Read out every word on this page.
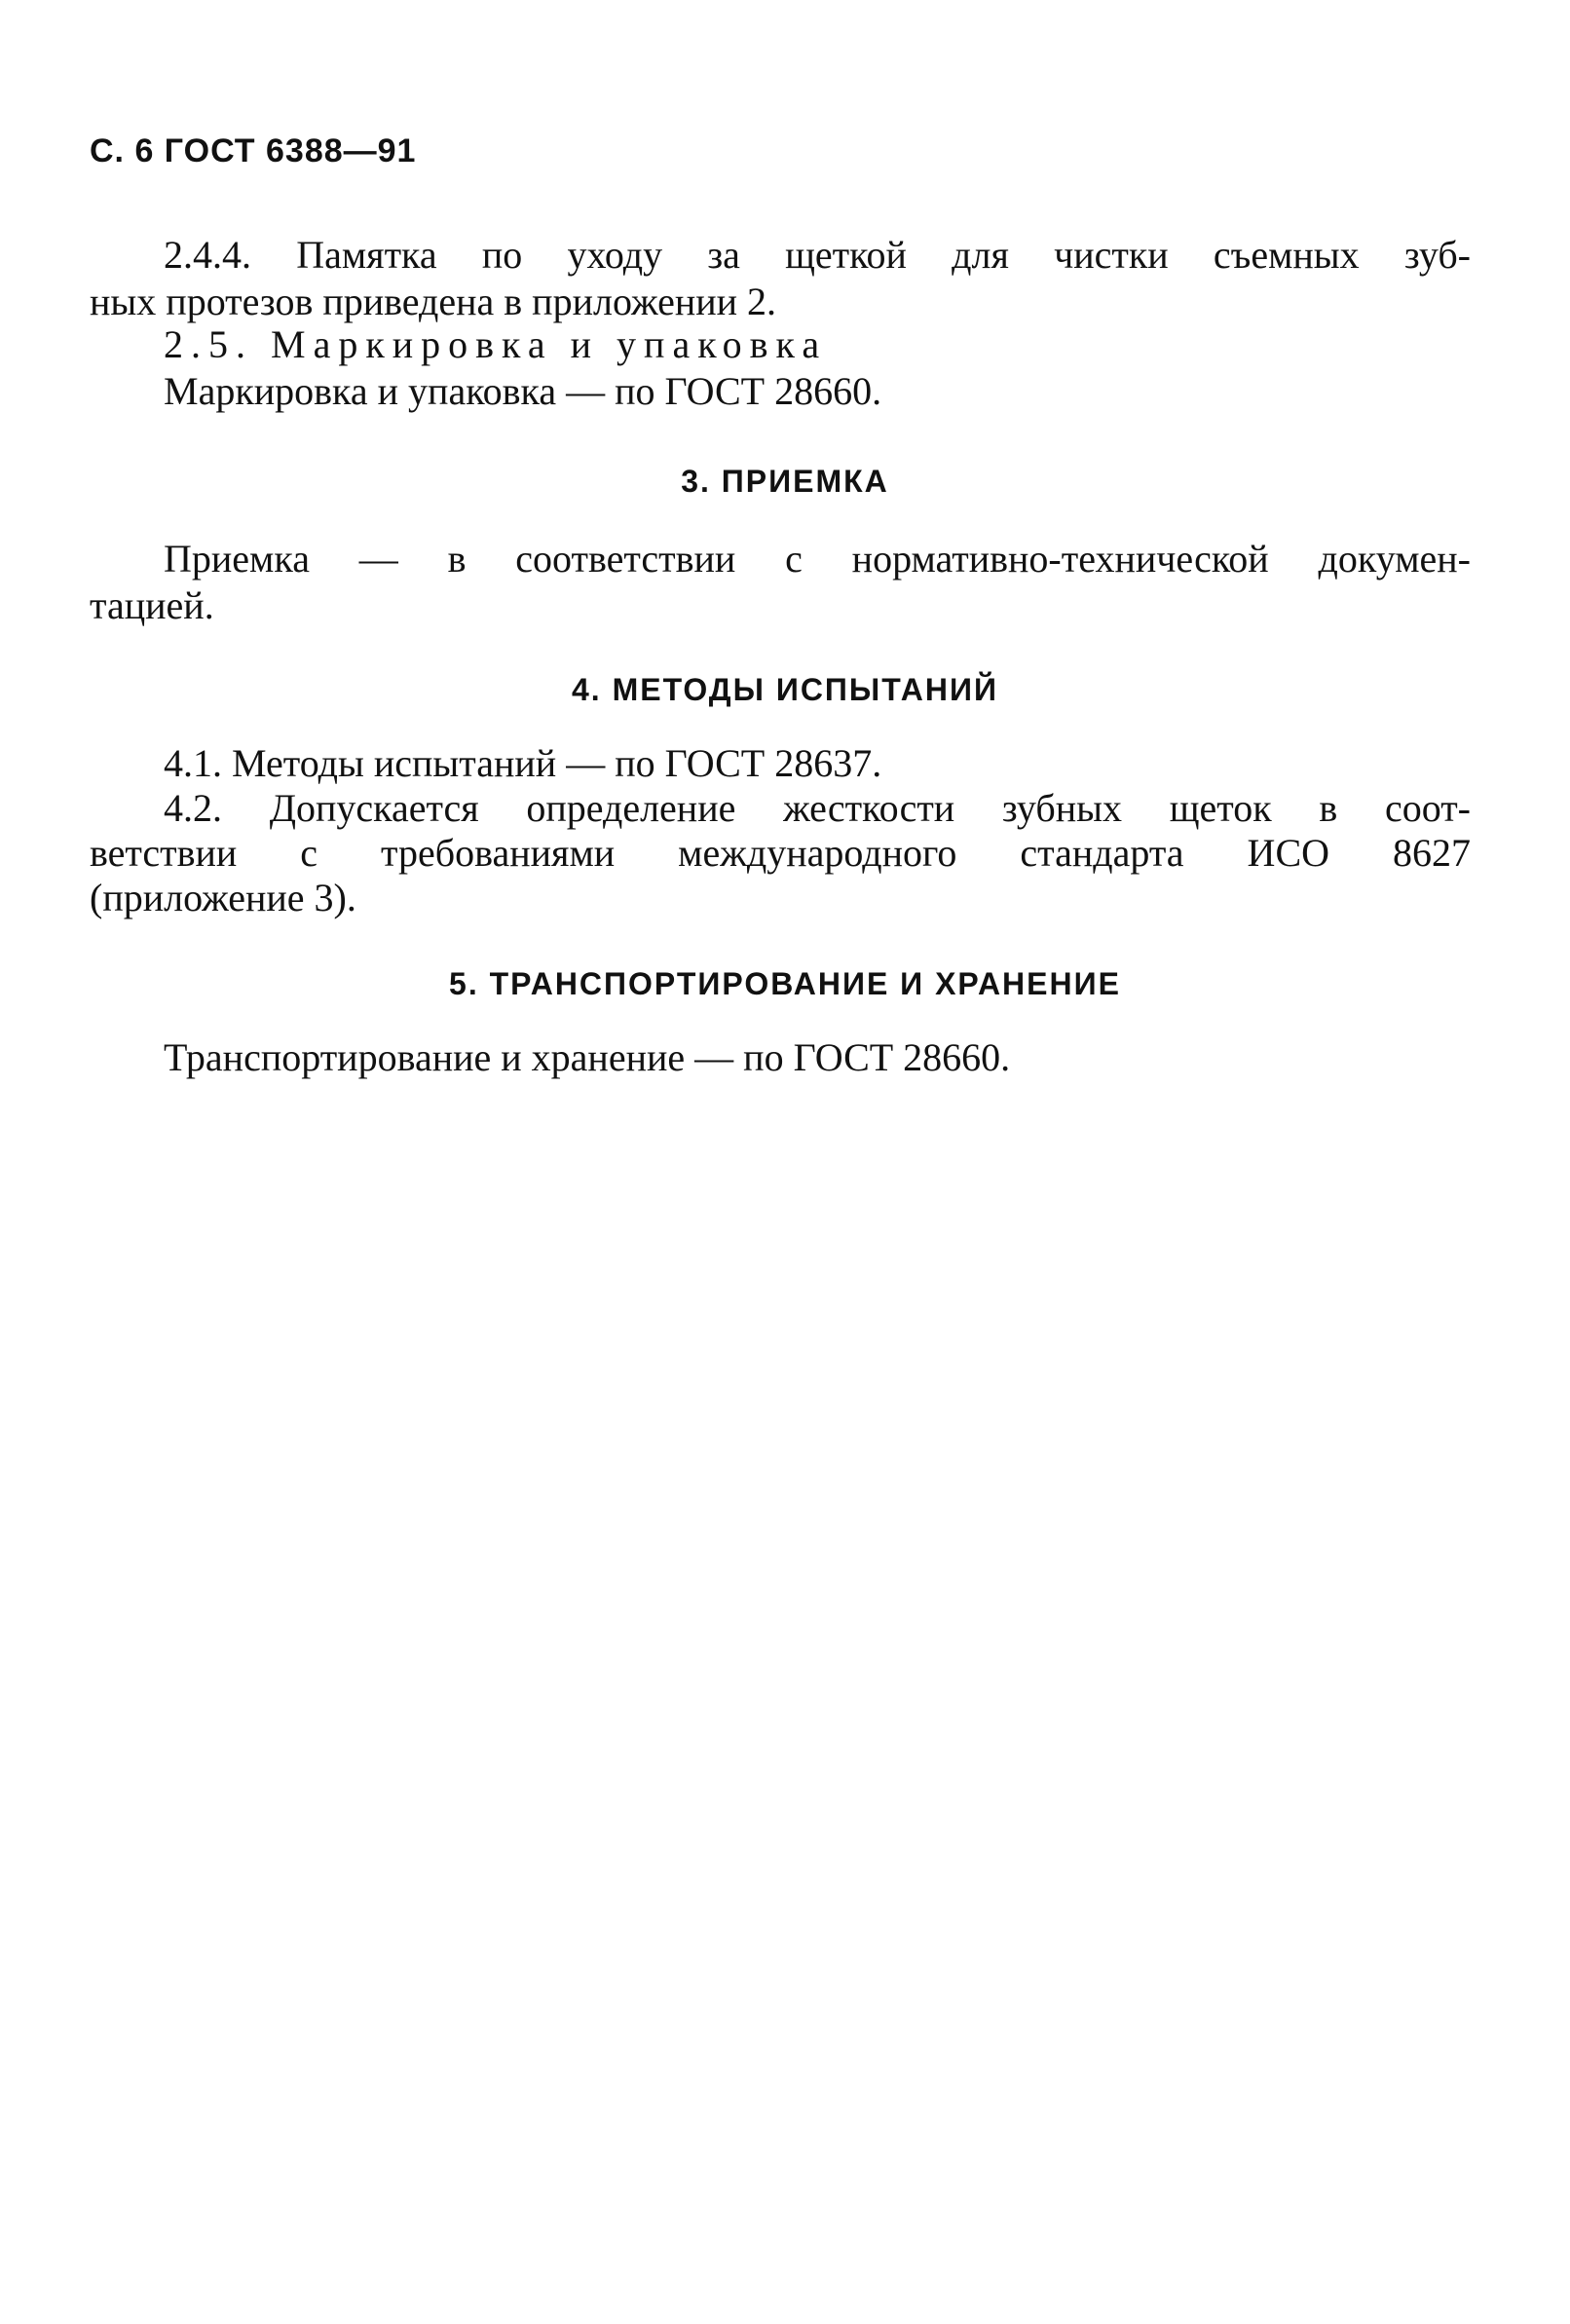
С. 6 ГОСТ 6388—91
2.4.4. Памятка по уходу за щеткой для чистки съемных зуб-
ных протезов приведена в приложении 2.
2.5. Маркировка и упаковка
Маркировка и упаковка — по ГОСТ 28660.
3. ПРИЕМКА
Приемка — в соответствии с нормативно-технической докумен-
тацией.
4. МЕТОДЫ ИСПЫТАНИЙ
4.1. Методы испытаний — по ГОСТ 28637.
4.2. Допускается определение жесткости зубных щеток в соот-
ветствии с требованиями международного стандарта ИСО 8627
(приложение 3).
5. ТРАНСПОРТИРОВАНИЕ И ХРАНЕНИЕ
Транспортирование и хранение — по ГОСТ 28660.
